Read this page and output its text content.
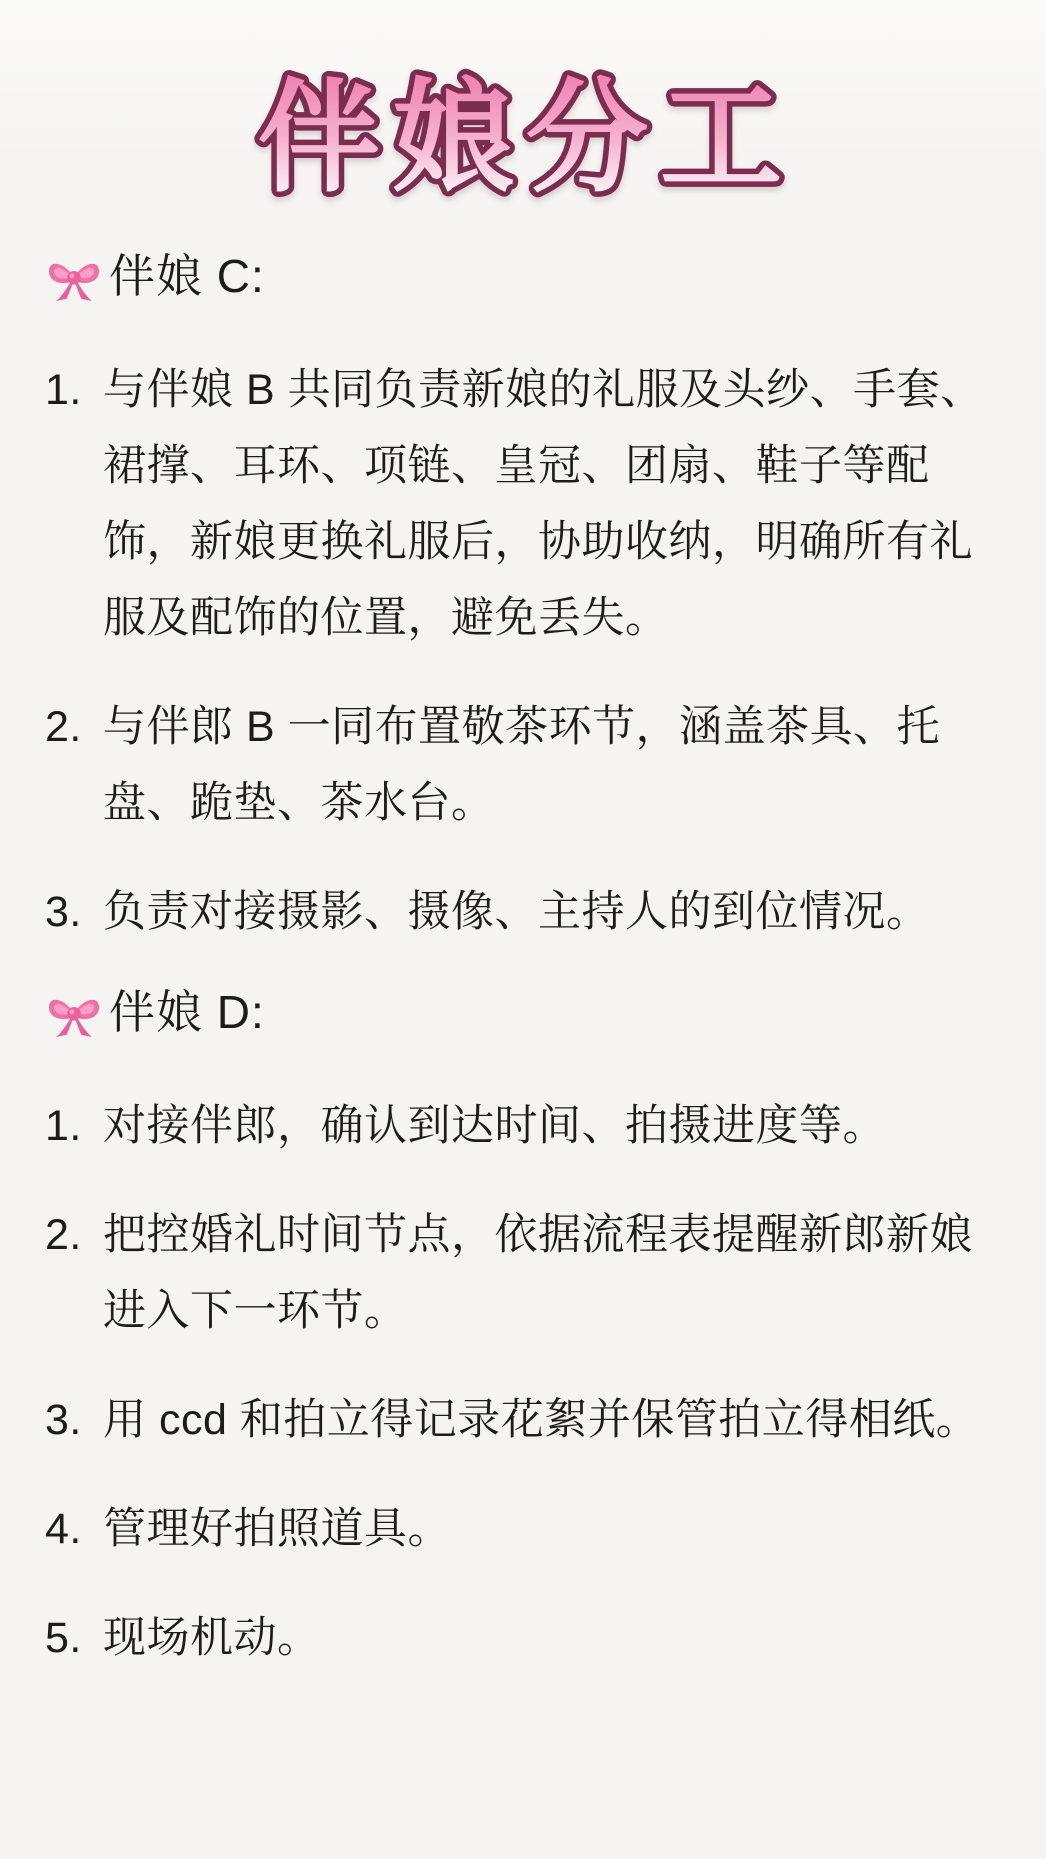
伴娘分工
伴娘 C:
1. 与伴娘 B 共同负责新娘的礼服及头纱、手套、裙撑、耳环、项链、皇冠、团扇、鞋子等配饰，新娘更换礼服后，协助收纳，明确所有礼服及配饰的位置，避免丢失。
2. 与伴郎 B 一同布置敬茶环节，涵盖茶具、托盘、跪垫、茶水台。
3. 负责对接摄影、摄像、主持人的到位情况。
伴娘 D:
1. 对接伴郎，确认到达时间、拍摄进度等。
2. 把控婚礼时间节点，依据流程表提醒新郎新娘进入下一环节。
3. 用 ccd 和拍立得记录花絮并保管拍立得相纸。
4. 管理好拍照道具。
5. 现场机动。
